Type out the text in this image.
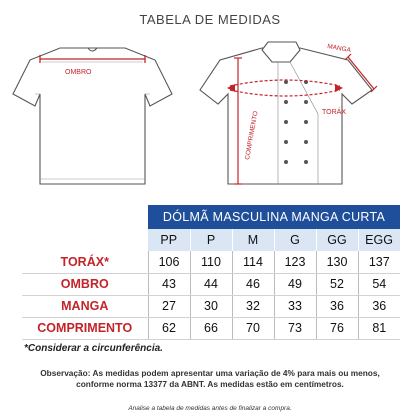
TABELA DE MEDIDAS
OMBRO
TORÁX
COMPRIMENTO
MANGA
	DÓLMÃ MASCULINA MANGA CURTA					
	PP	P	M	G	GG	EGG
TORÁX*	106	110	114	123	130	137
OMBRO	43	44	46	49	52	54
MANGA	27	30	32	33	36	36
COMPRIMENTO	62	66	70	73	76	81
*Considerar a circunferência.
Observação: As medidas podem apresentar uma variação de 4% para mais ou menos,
conforme norma 13377 da ABNT. As medidas estão em centímetros.
Analise a tabela de medidas antes de finalizar a compra.
